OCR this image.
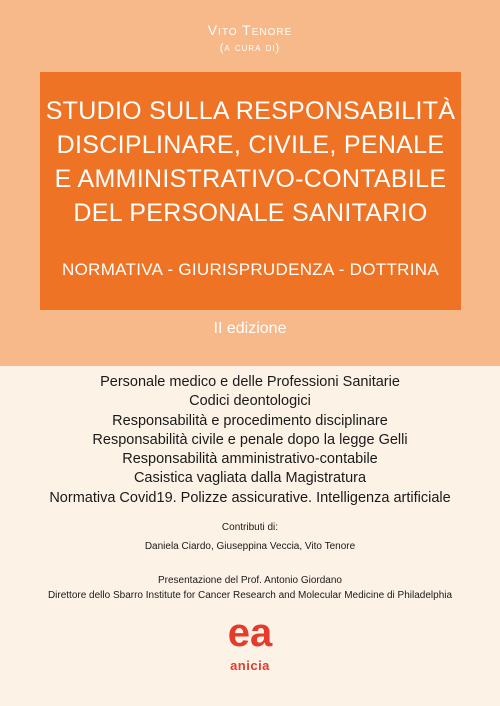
Vito Tenore
(a cura di)
STUDIO SULLA RESPONSABILITÀ
DISCIPLINARE, CIVILE, PENALE
E AMMINISTRATIVO-CONTABILE
DEL PERSONALE SANITARIO
NORMATIVA - GIURISPRUDENZA - DOTTRINA
II edizione
Personale medico e delle Professioni Sanitarie
Codici deontologici
Responsabilità e procedimento disciplinare
Responsabilità civile e penale dopo la legge Gelli
Responsabilità amministrativo-contabile
Casistica vagliata dalla Magistratura
Normativa Covid19. Polizze assicurative. Intelligenza artificiale
Contributi di:
Daniela Ciardo, Giuseppina Veccia, Vito Tenore
Presentazione del Prof. Antonio Giordano
Direttore dello Sbarro Institute for Cancer Research and Molecular Medicine di Philadelphia
ea
anicia
